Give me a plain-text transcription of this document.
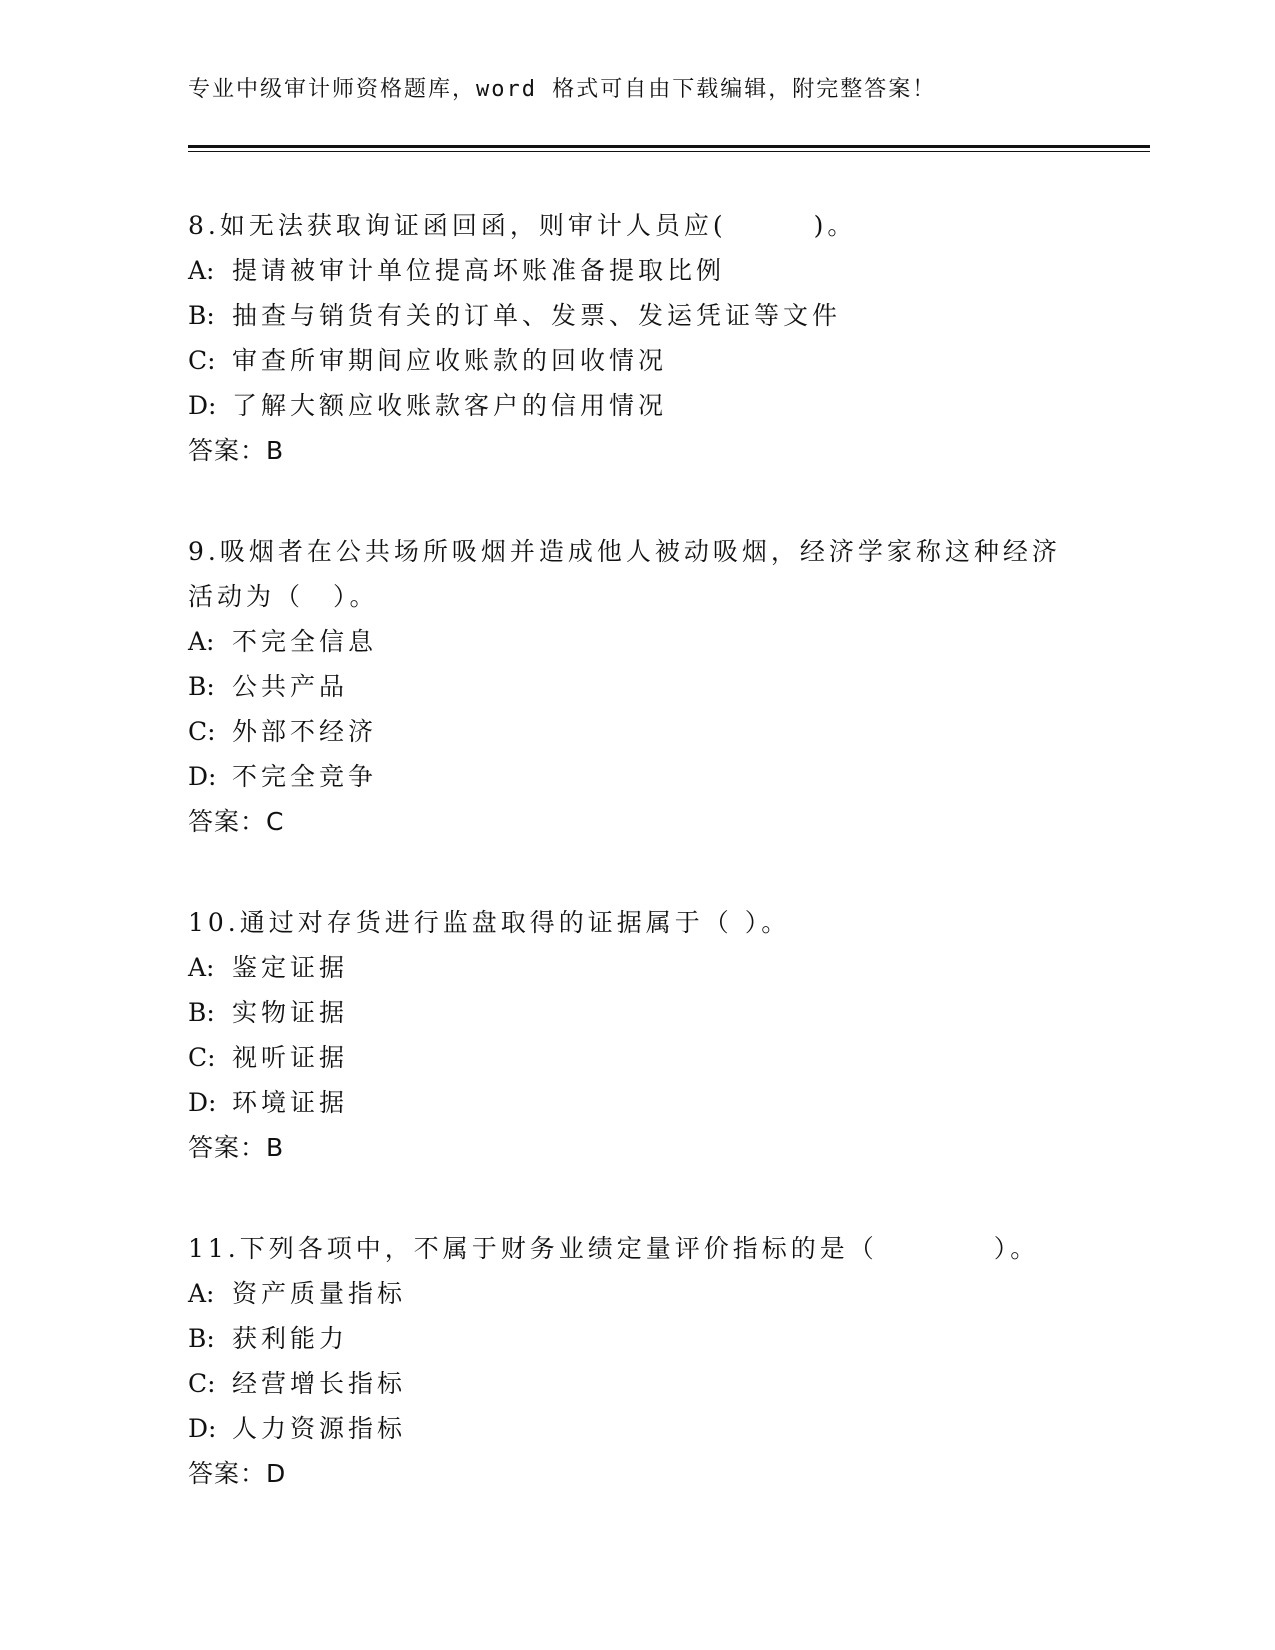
专业中级审计师资格题库，word 格式可自由下载编辑，附完整答案！
8.如无法获取询证函回函，则审计人员应(　　　)。
A: 提请被审计单位提高坏账准备提取比例
B: 抽查与销货有关的订单、发票、发运凭证等文件
C: 审查所审期间应收账款的回收情况
D: 了解大额应收账款客户的信用情况
答案：B
9.吸烟者在公共场所吸烟并造成他人被动吸烟，经济学家称这种经济
活动为（　）。
A: 不完全信息
B: 公共产品
C: 外部不经济
D: 不完全竞争
答案：C
10.通过对存货进行监盘取得的证据属于（ ）。
A: 鉴定证据
B: 实物证据
C: 视听证据
D: 环境证据
答案：B
11.下列各项中，不属于财务业绩定量评价指标的是（　　　　）。
A: 资产质量指标
B: 获利能力
C: 经营增长指标
D: 人力资源指标
答案：D
